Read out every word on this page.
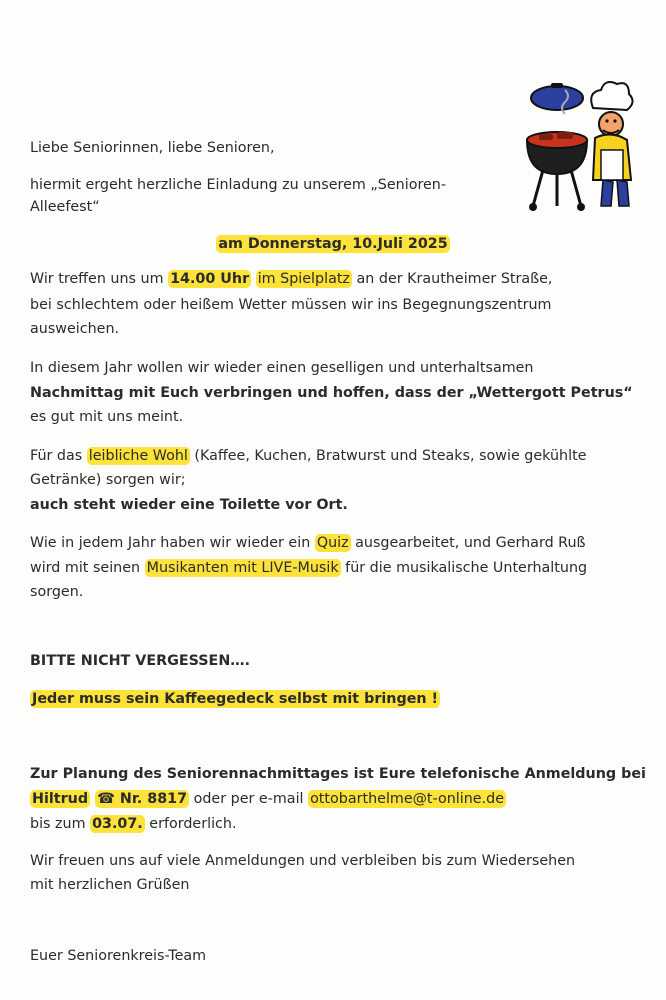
Liebe Seniorinnen, liebe Senioren,
hiermit ergeht herzliche Einladung zu unserem „Senioren-
Alleefest“
am Donnerstag, 10.Juli 2025
Wir treffen uns um 14.00 Uhr im Spielplatz an der Krautheimer Straße,
bei schlechtem oder heißem Wetter müssen wir ins Begegnungszentrum
ausweichen.
In diesem Jahr wollen wir wieder einen geselligen und unterhaltsamen
Nachmittag mit Euch verbringen und hoffen, dass der „Wettergott Petrus“
es gut mit uns meint.
Für das leibliche Wohl (Kaffee, Kuchen, Bratwurst und Steaks, sowie gekühlte
Getränke) sorgen wir;
auch steht wieder eine Toilette vor Ort.
Wie in jedem Jahr haben wir wieder ein Quiz ausgearbeitet, und Gerhard Ruß
wird mit seinen Musikanten mit LIVE-Musik für die musikalische Unterhaltung
sorgen.
BITTE NICHT VERGESSEN….
Jeder muss sein Kaffeegedeck selbst mit bringen !
Zur Planung des Seniorennachmittages ist Eure telefonische Anmeldung bei
Hiltrud ☎ Nr. 8817 oder per e-mail ottobarthelme@t-online.de
bis zum 03.07. erforderlich.
Wir freuen uns auf viele Anmeldungen und verbleiben bis zum Wiedersehen
mit herzlichen Grüßen
Euer Seniorenkreis-Team
